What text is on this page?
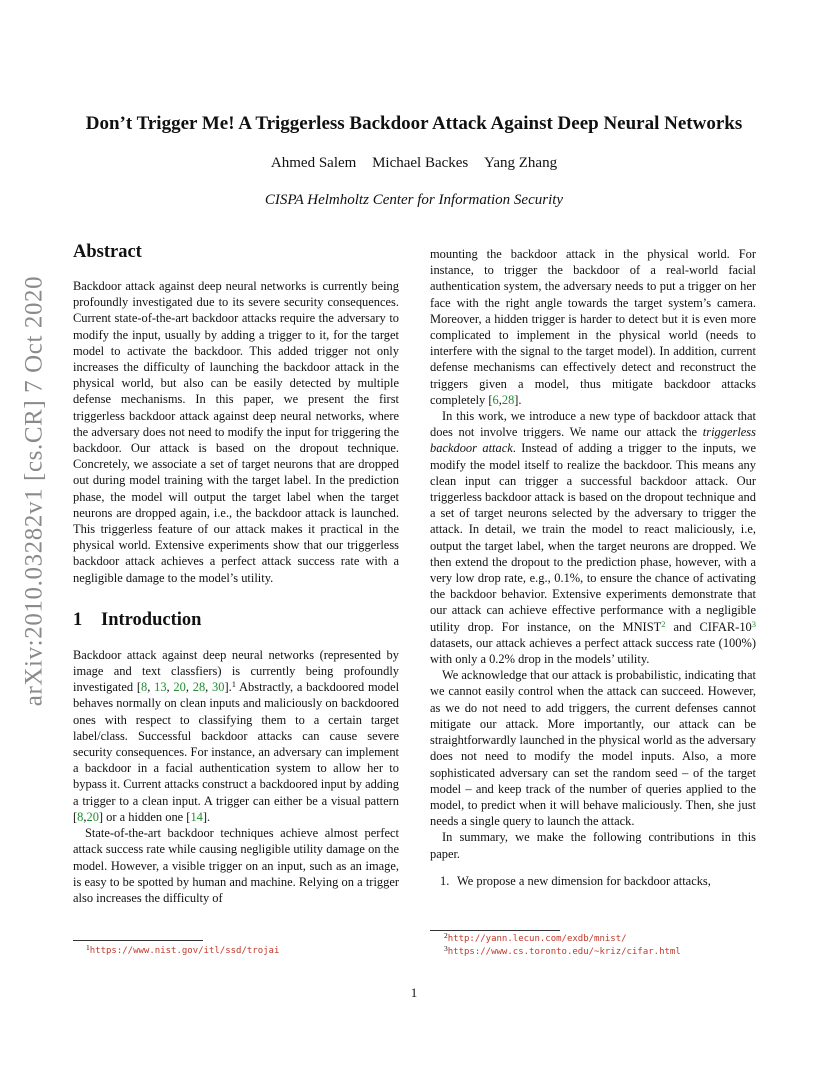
arXiv:2010.03282v1 [cs.CR] 7 Oct 2020
Don’t Trigger Me! A Triggerless Backdoor Attack Against Deep Neural Networks
Ahmed Salem Michael Backes Yang Zhang
CISPA Helmholtz Center for Information Security
Abstract

Backdoor attack against deep neural networks is currently being profoundly investigated due to its severe security consequences. Current state-of-the-art backdoor attacks require the adversary to modify the input, usually by adding a trigger to it, for the target model to activate the backdoor. This added trigger not only increases the difficulty of launching the backdoor attack in the physical world, but also can be easily detected by multiple defense mechanisms. In this paper, we present the first triggerless backdoor attack against deep neural networks, where the adversary does not need to modify the input for triggering the backdoor. Our attack is based on the dropout technique. Concretely, we associate a set of target neurons that are dropped out during model training with the target label. In the prediction phase, the model will output the target label when the target neurons are dropped again, i.e., the backdoor attack is launched. This triggerless feature of our attack makes it practical in the physical world. Extensive experiments show that our triggerless backdoor attack achieves a perfect attack success rate with a negligible damage to the model’s utility.

1 Introduction

Backdoor attack against deep neural networks (represented by image and text classfiers) is currently being profoundly investigated [8, 13, 20, 28, 30].$^1$ Abstractly, a backdoored model behaves normally on clean inputs and maliciously on backdoored ones with respect to classifying them to a certain target label/class. Successful backdoor attacks can cause severe security consequences. For instance, an adversary can implement a backdoor in a facial authentication system to allow her to bypass it. Current attacks construct a backdoored input by adding a trigger to a clean input. A trigger can either be a visual pattern [8,20] or a hidden one [14].

State-of-the-art backdoor techniques achieve almost perfect attack success rate while causing negligible utility damage on the model. However, a visible trigger on an input, such as an image, is easy to be spotted by human and machine. Relying on a trigger also increases the difficulty of

mounting the backdoor attack in the physical world. For instance, to trigger the backdoor of a real-world facial authentication system, the adversary needs to put a trigger on her face with the right angle towards the target system’s camera. Moreover, a hidden trigger is harder to detect but it is even more complicated to implement in the physical world (needs to interfere with the signal to the target model). In addition, current defense mechanisms can effectively detect and reconstruct the triggers given a model, thus mitigate backdoor attacks completely [6,28].

In this work, we introduce a new type of backdoor attack that does not involve triggers. We name our attack the triggerless backdoor attack. Instead of adding a trigger to the inputs, we modify the model itself to realize the backdoor. This means any clean input can trigger a successful backdoor attack. Our triggerless backdoor attack is based on the dropout technique and a set of target neurons selected by the adversary to trigger the attack. In detail, we train the model to react maliciously, i.e, output the target label, when the target neurons are dropped. We then extend the dropout to the prediction phase, however, with a very low drop rate, e.g., 0.1%, to ensure the chance of activating the backdoor behavior. Extensive experiments demonstrate that our attack can achieve effective performance with a negligible utility drop. For instance, on the MNIST$^2$ and CIFAR-10$^3$ datasets, our attack achieves a perfect attack success rate (100%) with only a 0.2% drop in the models’ utility.

We acknowledge that our attack is probabilistic, indicating that we cannot easily control when the attack can succeed. However, as we do not need to add triggers, the current defenses cannot mitigate our attack. More importantly, our attack can be straightforwardly launched in the physical world as the adversary does not need to modify the model inputs. Also, a more sophisticated adversary can set the random seed – of the target model – and keep track of the number of queries applied to the model, to predict when it will behave maliciously. Then, she just needs a single query to launch the attack.

In summary, we make the following contributions in this paper.

1. We propose a new dimension for backdoor attacks,

$^1$https://www.nist.gov/itl/ssd/trojai
$^2$http://yann.lecun.com/exdb/mnist/
$^3$https://www.cs.toronto.edu/~kriz/cifar.html
1
